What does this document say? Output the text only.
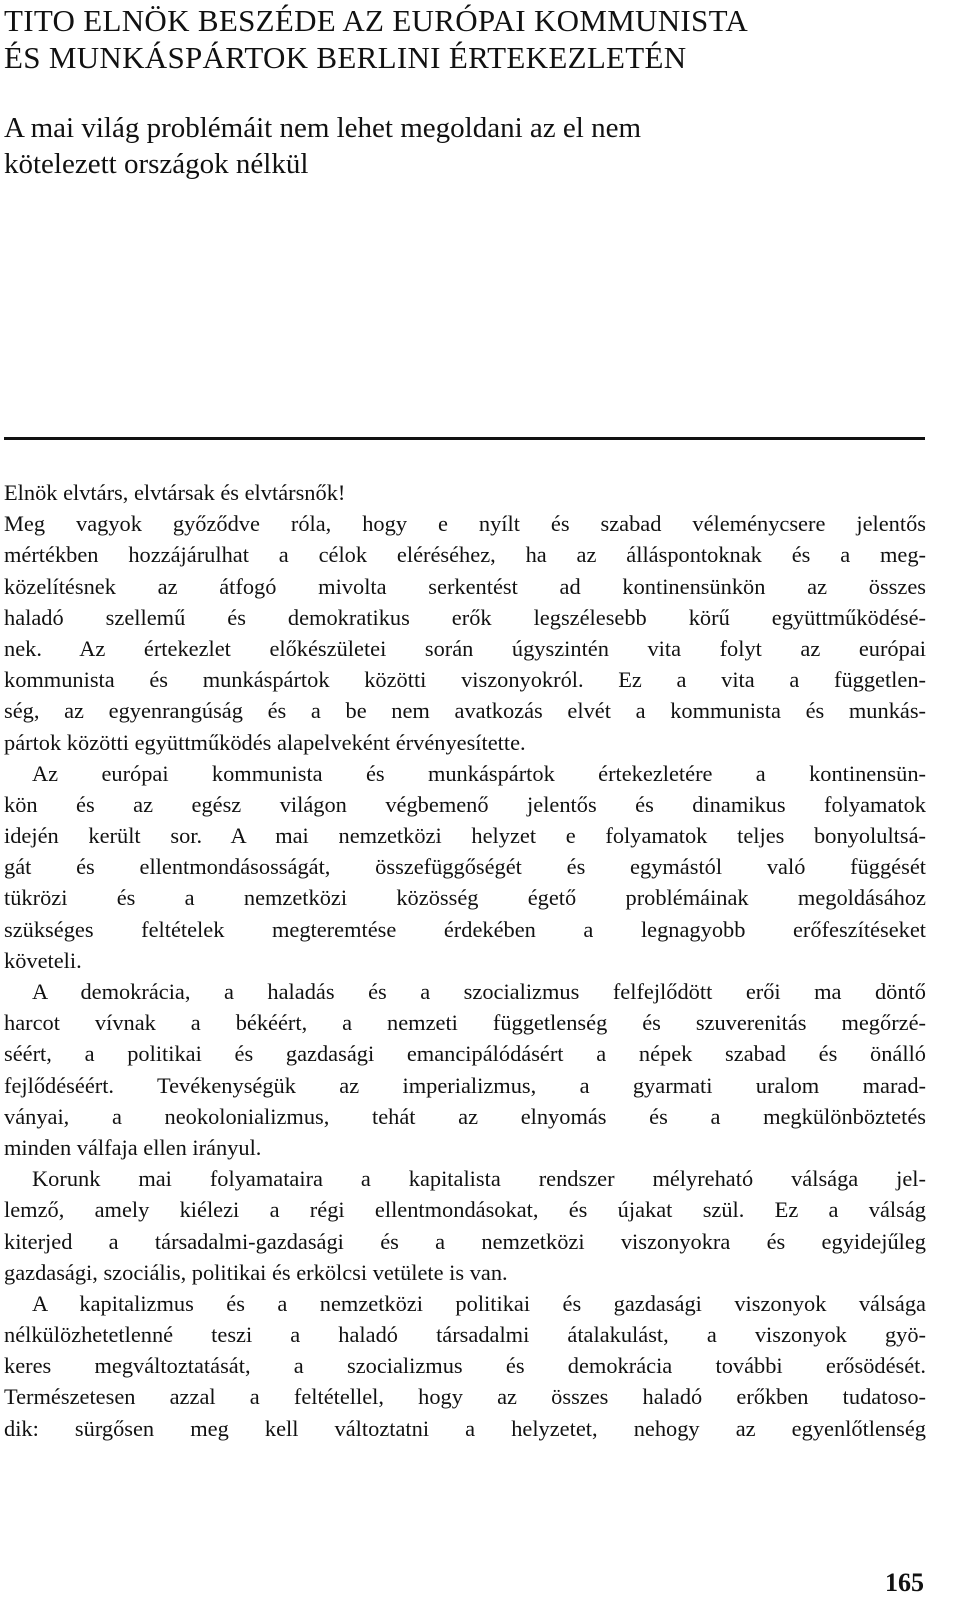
TITO ELNÖK BESZÉDE AZ EURÓPAI KOMMUNISTA
ÉS MUNKÁSPÁRTOK BERLINI ÉRTEKEZLETÉN
A mai világ problémáit nem lehet megoldani az el nem
kötelezett országok nélkül
Elnök elvtárs, elvtársak és elvtársnők!
Meg vagyok győződve róla, hogy e nyílt és szabad véleménycsere jelentős
mértékben hozzájárulhat a célok eléréséhez, ha az álláspontoknak és a meg-
közelítésnek az átfogó mivolta serkentést ad kontinensünkön az összes
haladó szellemű és demokratikus erők legszélesebb körű együttműködésé-
nek. Az értekezlet előkészületei során úgyszintén vita folyt az európai
kommunista és munkáspártok közötti viszonyokról. Ez a vita a független-
ség, az egyenrangúság és a be nem avatkozás elvét a kommunista és munkás-
pártok közötti együttműködés alapelveként érvényesítette.
Az európai kommunista és munkáspártok értekezletére a kontinensün-
kön és az egész világon végbemenő jelentős és dinamikus folyamatok
idején került sor. A mai nemzetközi helyzet e folyamatok teljes bonyolultsá-
gát és ellentmondásosságát, összefüggőségét és egymástól való függését
tükrözi és a nemzetközi közösség égető problémáinak megoldásához
szükséges feltételek megteremtése érdekében a legnagyobb erőfeszítéseket
követeli.
A demokrácia, a haladás és a szocializmus felfejlődött erői ma döntő
harcot vívnak a békéért, a nemzeti függetlenség és szuverenitás megőrzé-
séért, a politikai és gazdasági emancipálódásért a népek szabad és önálló
fejlődéséért. Tevékenységük az imperializmus, a gyarmati uralom marad-
ványai, a neokolonializmus, tehát az elnyomás és a megkülönböztetés
minden válfaja ellen irányul.
Korunk mai folyamataira a kapitalista rendszer mélyreható válsága jel-
lemző, amely kiélezi a régi ellentmondásokat, és újakat szül. Ez a válság
kiterjed a társadalmi-gazdasági és a nemzetközi viszonyokra és egyidejűleg
gazdasági, szociális, politikai és erkölcsi vetülete is van.
A kapitalizmus és a nemzetközi politikai és gazdasági viszonyok válsága
nélkülözhetetlenné teszi a haladó társadalmi átalakulást, a viszonyok gyö-
keres megváltoztatását, a szocializmus és demokrácia további erősödését.
Természetesen azzal a feltétellel, hogy az összes haladó erőkben tudatoso-
dik: sürgősen meg kell változtatni a helyzetet, nehogy az egyenlőtlenség
165
